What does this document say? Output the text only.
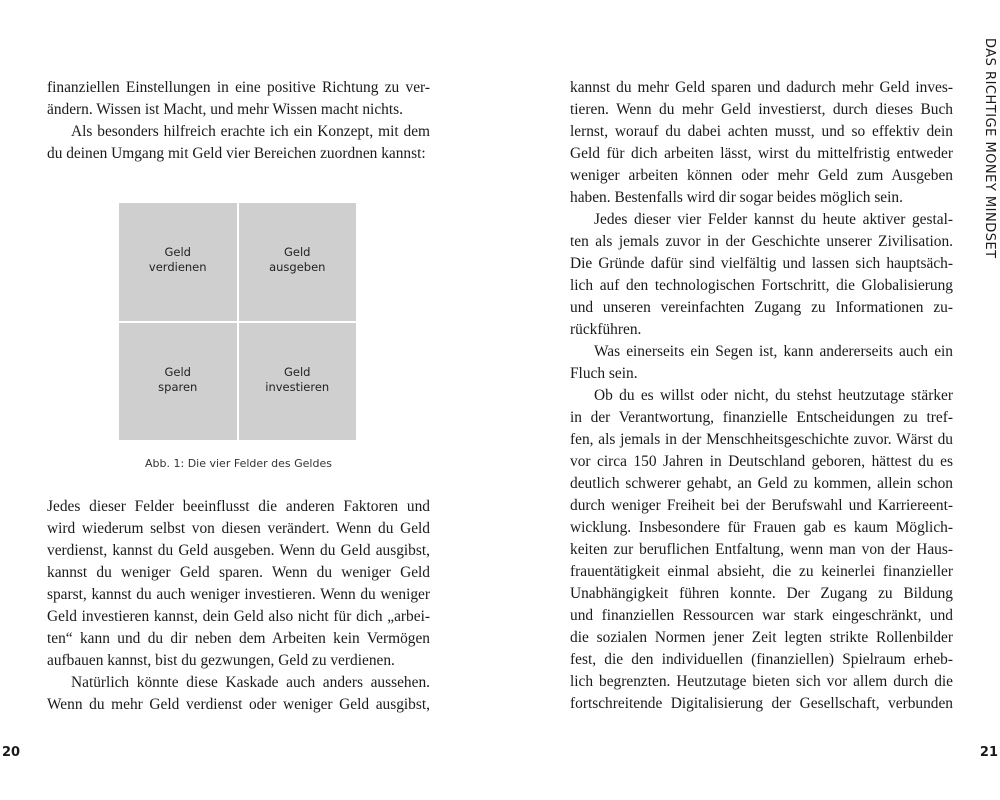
finanziellen Einstellungen in eine positive Richtung zu ver-
ändern. Wissen ist Macht, und mehr Wissen macht nichts.
Als besonders hilfreich erachte ich ein Konzept, mit dem
du deinen Umgang mit Geld vier Bereichen zuordnen kannst:
Geld
verdienen
Geld
ausgeben
Geld
sparen
Geld
investieren
Abb. 1: Die vier Felder des Geldes
Jedes dieser Felder beeinflusst die anderen Faktoren und
wird wiederum selbst von diesen verändert. Wenn du Geld
verdienst, kannst du Geld ausgeben. Wenn du Geld ausgibst,
kannst du weniger Geld sparen. Wenn du weniger Geld
sparst, kannst du auch weniger investieren. Wenn du weniger
Geld investieren kannst, dein Geld also nicht für dich „arbei-
ten“ kann und du dir neben dem Arbeiten kein Vermögen
aufbauen kannst, bist du gezwungen, Geld zu verdienen.
Natürlich könnte diese Kaskade auch anders aussehen.
Wenn du mehr Geld verdienst oder weniger Geld ausgibst,
20
kannst du mehr Geld sparen und dadurch mehr Geld inves-
tieren. Wenn du mehr Geld investierst, durch dieses Buch
lernst, worauf du dabei achten musst, und so effektiv dein
Geld für dich arbeiten lässt, wirst du mittelfristig entweder
weniger arbeiten können oder mehr Geld zum Ausgeben
haben. Bestenfalls wird dir sogar beides möglich sein.
Jedes dieser vier Felder kannst du heute aktiver gestal-
ten als jemals zuvor in der Geschichte unserer Zivilisation.
Die Gründe dafür sind vielfältig und lassen sich hauptsäch-
lich auf den technologischen Fortschritt, die Globalisierung
und unseren vereinfachten Zugang zu Informationen zu-
rückführen.
Was einerseits ein Segen ist, kann andererseits auch ein
Fluch sein.
Ob du es willst oder nicht, du stehst heutzutage stärker
in der Verantwortung, finanzielle Entscheidungen zu tref-
fen, als jemals in der Menschheitsgeschichte zuvor. Wärst du
vor circa 150 Jahren in Deutschland geboren, hättest du es
deutlich schwerer gehabt, an Geld zu kommen, allein schon
durch weniger Freiheit bei der Berufswahl und Karriereent-
wicklung. Insbesondere für Frauen gab es kaum Möglich-
keiten zur beruflichen Entfaltung, wenn man von der Haus-
frauentätigkeit einmal absieht, die zu keinerlei finanzieller
Unabhängigkeit führen konnte. Der Zugang zu Bildung
und finanziellen Ressourcen war stark eingeschränkt, und
die sozialen Normen jener Zeit legten strikte Rollenbilder
fest, die den individuellen (finanziellen) Spielraum erheb-
lich begrenzten. Heutzutage bieten sich vor allem durch die
fortschreitende Digitalisierung der Gesellschaft, verbunden
DAS RICHTIGE MONEY MINDSET
21
